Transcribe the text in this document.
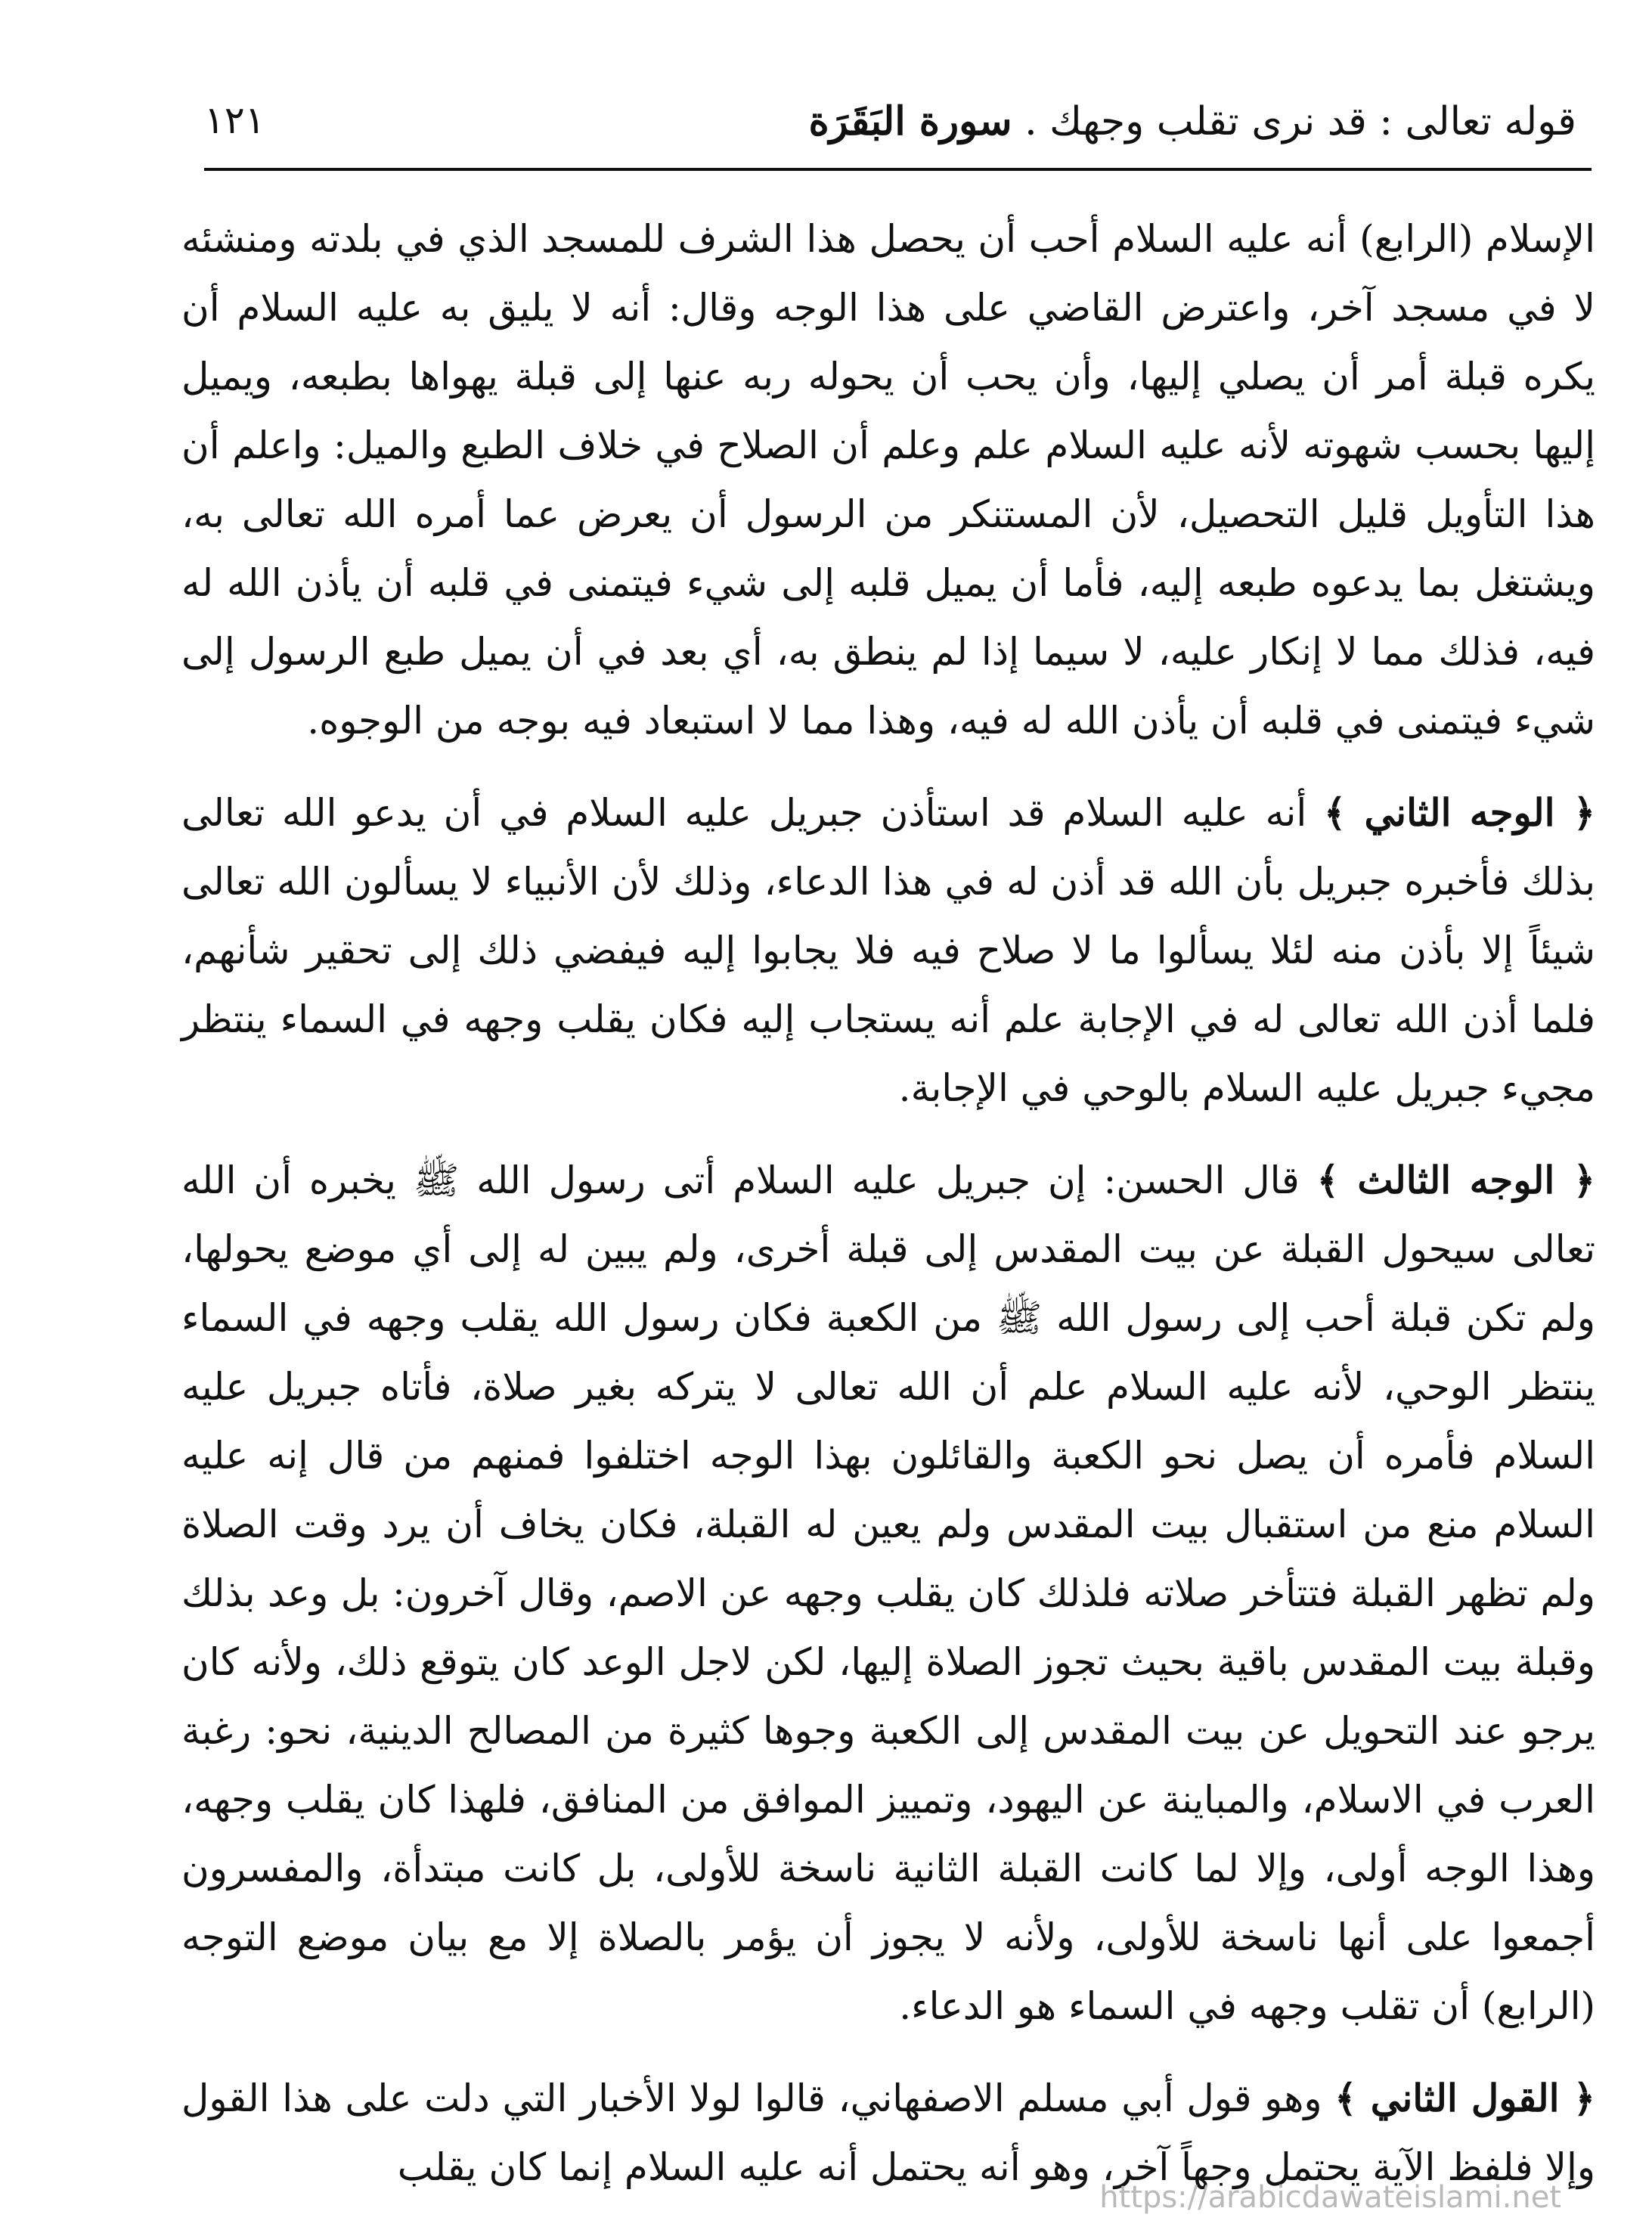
١٢١	قوله تعالى : قد نرى تقلب وجهك . سورة البَقَرَة

الإسلام (الرابع) أنه عليه السلام أحب أن يحصل هذا الشرف للمسجد الذي في بلدته ومنشئه لا في مسجد آخر، واعترض القاضي على هذا الوجه وقال: أنه لا يليق به عليه السلام أن يكره قبلة أمر أن يصلي إليها، وأن يحب أن يحوله ربه عنها إلى قبلة يهواها بطبعه، ويميل إليها بحسب شهوته لأنه عليه السلام علم وعلم أن الصلاح في خلاف الطبع والميل: واعلم أن هذا التأويل قليل التحصيل، لأن المستنكر من الرسول أن يعرض عما أمره الله تعالى به، ويشتغل بما يدعوه طبعه إليه، فأما أن يميل قلبه إلى شيء فيتمنى في قلبه أن يأذن الله له فيه، فذلك مما لا إنكار عليه، لا سيما إذا لم ينطق به، أي بعد في أن يميل طبع الرسول إلى شيء فيتمنى في قلبه أن يأذن الله له فيه، وهذا مما لا استبعاد فيه بوجه من الوجوه.

﴿ الوجه الثاني ﴾ أنه عليه السلام قد استأذن جبريل عليه السلام في أن يدعو الله تعالى بذلك فأخبره جبريل بأن الله قد أذن له في هذا الدعاء، وذلك لأن الأنبياء لا يسألون الله تعالى شيئاً إلا بأذن منه لئلا يسألوا ما لا صلاح فيه فلا يجابوا إليه فيفضي ذلك إلى تحقير شأنهم، فلما أذن الله تعالى له في الإجابة علم أنه يستجاب إليه فكان يقلب وجهه في السماء ينتظر مجيء جبريل عليه السلام بالوحي في الإجابة.

﴿ الوجه الثالث ﴾ قال الحسن: إن جبريل عليه السلام أتى رسول الله ﷺ يخبره أن الله تعالى سيحول القبلة عن بيت المقدس إلى قبلة أخرى، ولم يبين له إلى أي موضع يحولها، ولم تكن قبلة أحب إلى رسول الله ﷺ من الكعبة فكان رسول الله يقلب وجهه في السماء ينتظر الوحي، لأنه عليه السلام علم أن الله تعالى لا يتركه بغير صلاة، فأتاه جبريل عليه السلام فأمره أن يصل نحو الكعبة والقائلون بهذا الوجه اختلفوا فمنهم من قال إنه عليه السلام منع من استقبال بيت المقدس ولم يعين له القبلة، فكان يخاف أن يرد وقت الصلاة ولم تظهر القبلة فتتأخر صلاته فلذلك كان يقلب وجهه عن الاصم، وقال آخرون: بل وعد بذلك وقبلة بيت المقدس باقية بحيث تجوز الصلاة إليها، لكن لاجل الوعد كان يتوقع ذلك، ولأنه كان يرجو عند التحويل عن بيت المقدس إلى الكعبة وجوها كثيرة من المصالح الدينية، نحو: رغبة العرب في الاسلام، والمباينة عن اليهود، وتمييز الموافق من المنافق، فلهذا كان يقلب وجهه، وهذا الوجه أولى، وإلا لما كانت القبلة الثانية ناسخة للأولى، بل كانت مبتدأة، والمفسرون أجمعوا على أنها ناسخة للأولى، ولأنه لا يجوز أن يؤمر بالصلاة إلا مع بيان موضع التوجه (الرابع) أن تقلب وجهه في السماء هو الدعاء.

﴿ القول الثاني ﴾ وهو قول أبي مسلم الاصفهاني، قالوا لولا الأخبار التي دلت على هذا القول وإلا فلفظ الآية يحتمل وجهاً آخر، وهو أنه يحتمل أنه عليه السلام إنما كان يقلب

https://arabicdawateislami.net
